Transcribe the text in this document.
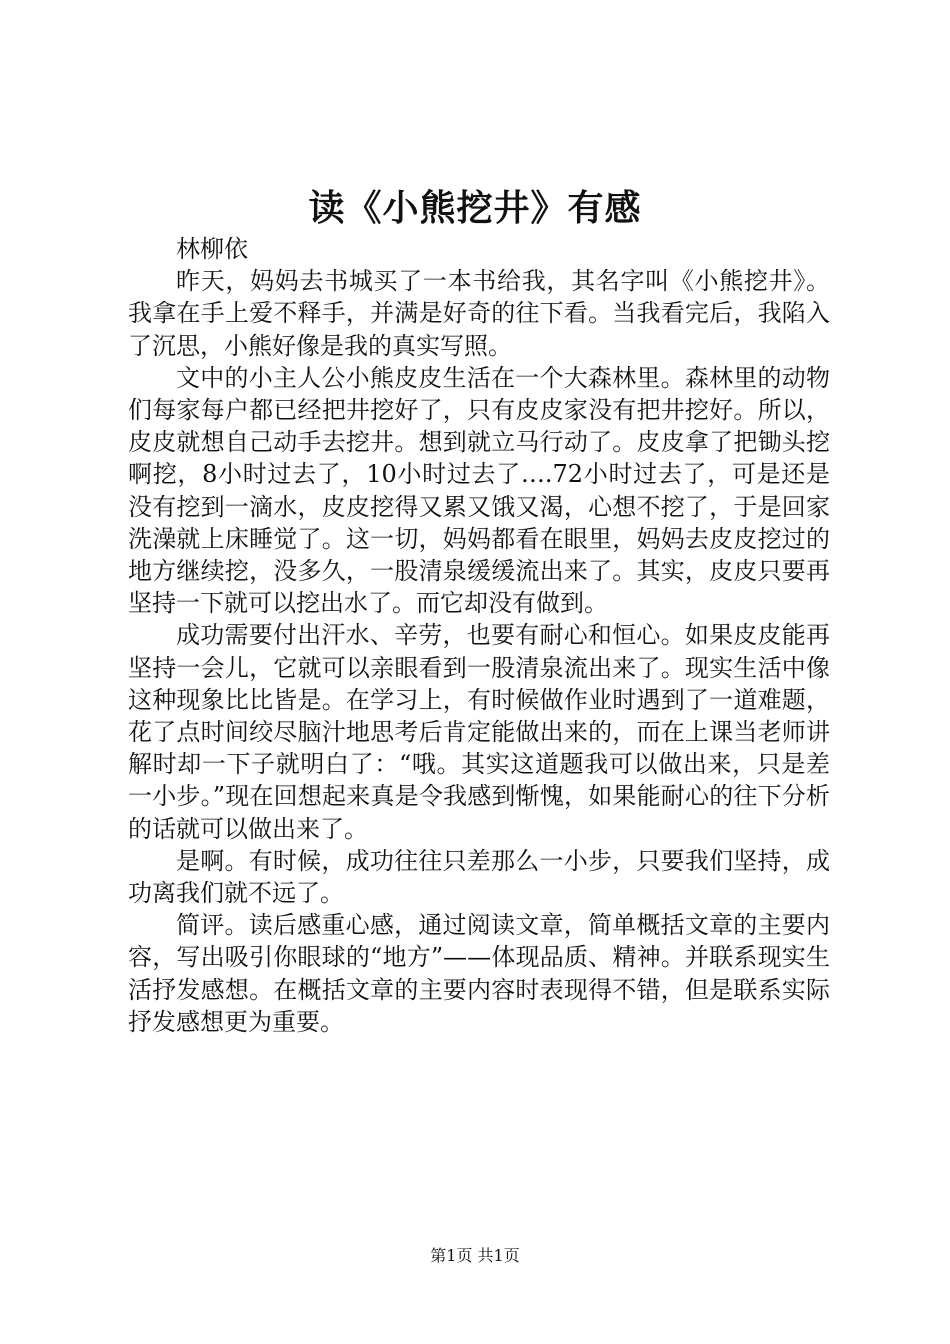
读《小熊挖井》有感
林柳依

昨天，妈妈去书城买了一本书给我，其名字叫《小熊挖井》。我拿在手上爱不释手，并满是好奇的往下看。当我看完后，我陷入了沉思，小熊好像是我的真实写照。

文中的小主人公小熊皮皮生活在一个大森林里。森林里的动物们每家每户都已经把井挖好了，只有皮皮家没有把井挖好。所以，皮皮就想自己动手去挖井。想到就立马行动了。皮皮拿了把锄头挖啊挖，8小时过去了，10小时过去了….72小时过去了，可是还是没有挖到一滴水，皮皮挖得又累又饿又渴，心想不挖了，于是回家洗澡就上床睡觉了。这一切，妈妈都看在眼里，妈妈去皮皮挖过的地方继续挖，没多久，一股清泉缓缓流出来了。其实，皮皮只要再坚持一下就可以挖出水了。而它却没有做到。

成功需要付出汗水、辛劳，也要有耐心和恒心。如果皮皮能再坚持一会儿，它就可以亲眼看到一股清泉流出来了。现实生活中像这种现象比比皆是。在学习上，有时候做作业时遇到了一道难题，花了点时间绞尽脑汁地思考后肯定能做出来的，而在上课当老师讲解时却一下子就明白了：“哦。其实这道题我可以做出来，只是差一小步。”现在回想起来真是令我感到惭愧，如果能耐心的往下分析的话就可以做出来了。

是啊。有时候，成功往往只差那么一小步，只要我们坚持，成功离我们就不远了。

简评。读后感重心感，通过阅读文章，简单概括文章的主要内容，写出吸引你眼球的“地方”——体现品质、精神。并联系现实生活抒发感想。在概括文章的主要内容时表现得不错，但是联系实际抒发感想更为重要。

第1页 共1页
